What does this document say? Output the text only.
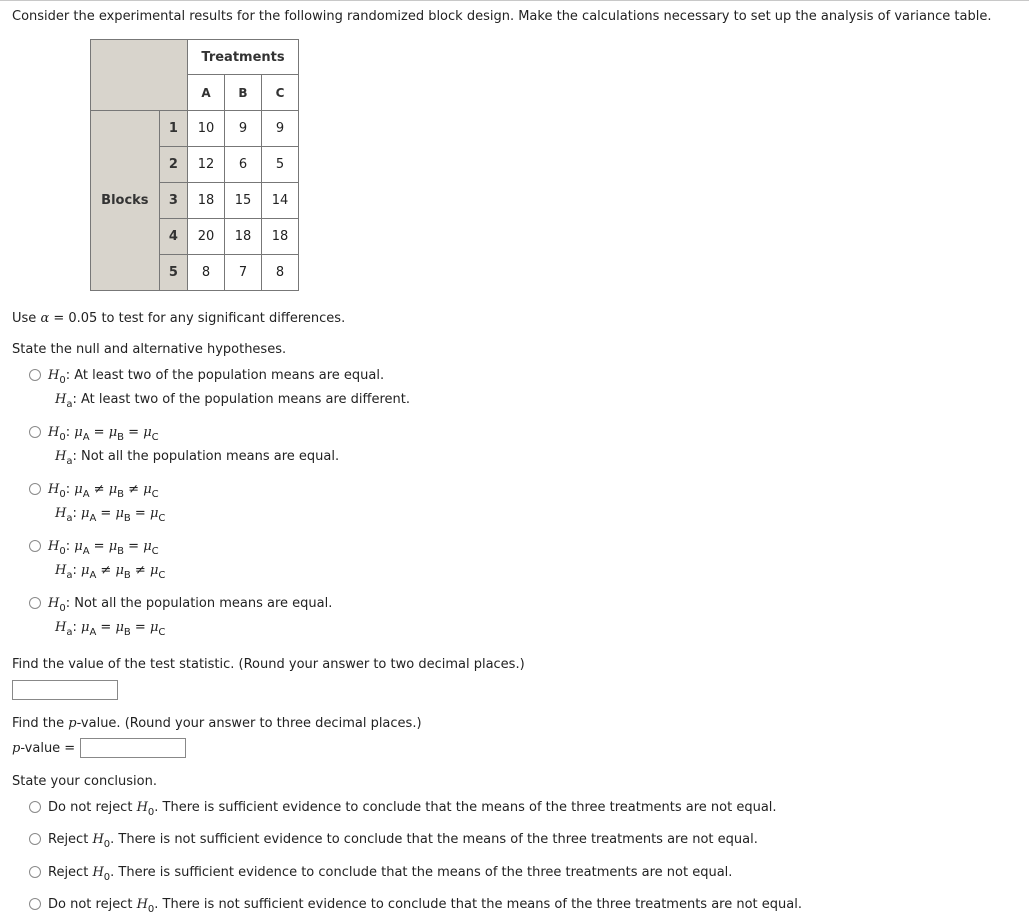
Consider the experimental results for the following randomized block design. Make the calculations necessary to set up the analysis of variance table.
		Treatments		
		A	B	C
Blocks	1	10	9	9
	2	12	6	5
	3	18	15	14
	4	20	18	18
	5	8	7	8
Use α = 0.05 to test for any significant differences.
State the null and alternative hypotheses.
$H_0$: At least two of the population means are equal.
$H_a$: At least two of the population means are different.
$H_0$: $\mu_A = \mu_B = \mu_C$
$H_a$: Not all the population means are equal.
$H_0$: $\mu_A \ne \mu_B \ne \mu_C$
$H_a$: $\mu_A = \mu_B = \mu_C$
$H_0$: $\mu_A = \mu_B = \mu_C$
$H_a$: $\mu_A \ne \mu_B \ne \mu_C$
$H_0$: Not all the population means are equal.
$H_a$: $\mu_A = \mu_B = \mu_C$
Find the value of the test statistic. (Round your answer to two decimal places.)
Find the p-value. (Round your answer to three decimal places.)
p-value =
State your conclusion.
Do not reject $H_0$. There is sufficient evidence to conclude that the means of the three treatments are not equal.
Reject $H_0$. There is not sufficient evidence to conclude that the means of the three treatments are not equal.
Reject $H_0$. There is sufficient evidence to conclude that the means of the three treatments are not equal.
Do not reject $H_0$. There is not sufficient evidence to conclude that the means of the three treatments are not equal.
